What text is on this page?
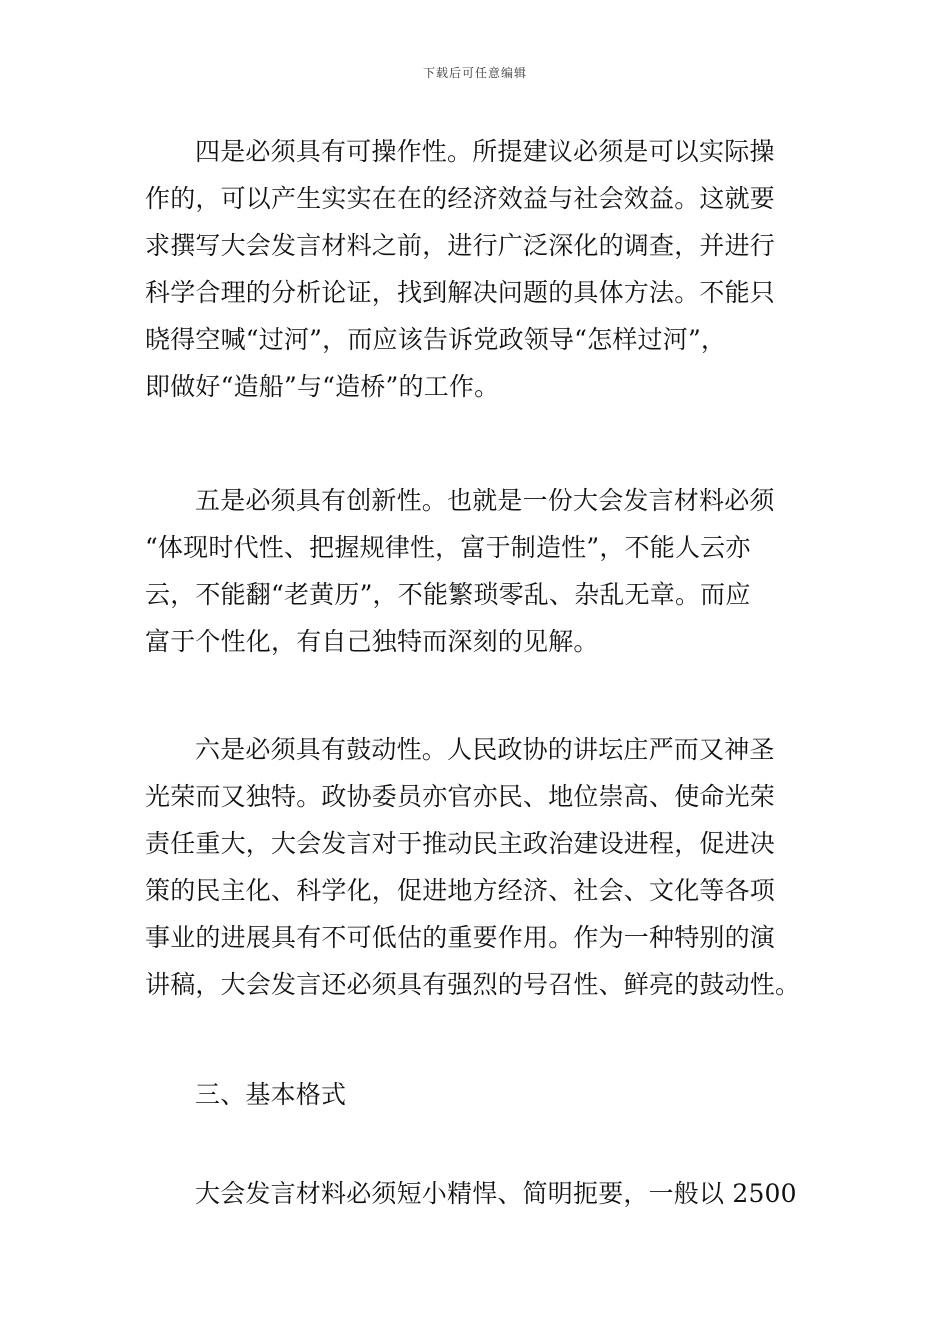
下载后可任意编辑
四是必须具有可操作性。所提建议必须是可以实际操
作的，可以产生实实在在的经济效益与社会效益。这就要
求撰写大会发言材料之前，进行广泛深化的调查，并进行
科学合理的分析论证，找到解决问题的具体方法。不能只
晓得空喊“过河”，而应该告诉党政领导“怎样过河”，
即做好“造船”与“造桥”的工作。
五是必须具有创新性。也就是一份大会发言材料必须
“体现时代性、把握规律性，富于制造性”，不能人云亦
云，不能翻“老黄历”，不能繁琐零乱、杂乱无章。而应
富于个性化，有自己独特而深刻的见解。
六是必须具有鼓动性。人民政协的讲坛庄严而又神圣
光荣而又独特。政协委员亦官亦民、地位崇高、使命光荣
责任重大，大会发言对于推动民主政治建设进程，促进决
策的民主化、科学化，促进地方经济、社会、文化等各项
事业的进展具有不可低估的重要作用。作为一种特别的演
讲稿，大会发言还必须具有强烈的号召性、鲜亮的鼓动性。
三、基本格式
大会发言材料必须短小精悍、简明扼要，一般以 2500
